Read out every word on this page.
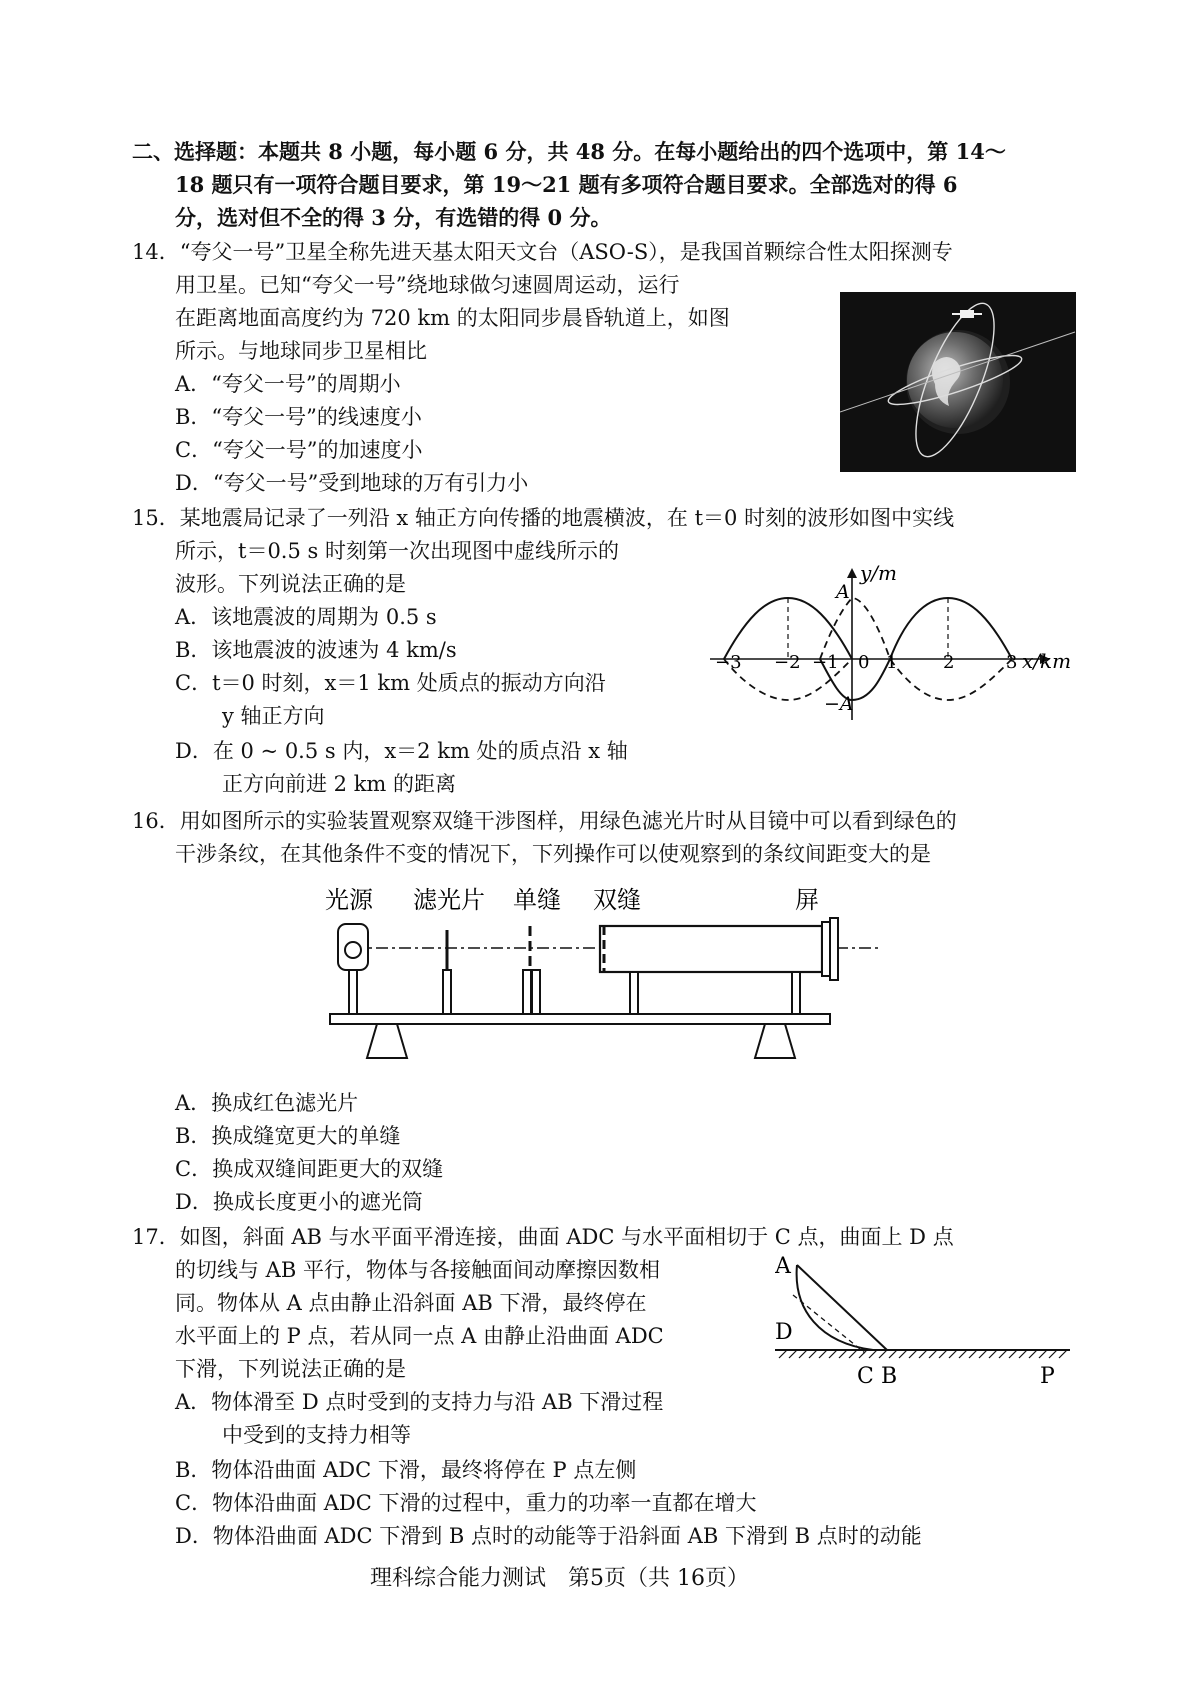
二、选择题：本题共 8 小题，每小题 6 分，共 48 分。在每小题给出的四个选项中，第 14～
18 题只有一项符合题目要求，第 19～21 题有多项符合题目要求。全部选对的得 6
分，选对但不全的得 3 分，有选错的得 0 分。
14．“夸父一号”卫星全称先进天基太阳天文台（ASO-S），是我国首颗综合性太阳探测专
用卫星。已知“夸父一号”绕地球做匀速圆周运动，运行
在距离地面高度约为 720 km 的太阳同步晨昏轨道上，如图
所示。与地球同步卫星相比
A．“夸父一号”的周期小
B．“夸父一号”的线速度小
C．“夸父一号”的加速度小
D．“夸父一号”受到地球的万有引力小
15．某地震局记录了一列沿 x 轴正方向传播的地震横波，在 t＝0 时刻的波形如图中实线
所示，t＝0.5 s 时刻第一次出现图中虚线所示的
波形。下列说法正确的是
A．该地震波的周期为 0.5 s
B．该地震波的波速为 4 km/s
C．t＝0 时刻，x＝1 km 处质点的振动方向沿
y 轴正方向
D．在 0 ~ 0.5 s 内，x＝2 km 处的质点沿 x 轴
正方向前进 2 km 的距离
y/m
A
−A
0
−3 −2 −1	1	2	3 x/km
16．用如图所示的实验装置观察双缝干涉图样，用绿色滤光片时从目镜中可以看到绿色的
干涉条纹，在其他条件不变的情况下，下列操作可以使观察到的条纹间距变大的是
光源 滤光片 单缝 双缝	屏
A．换成红色滤光片
B．换成缝宽更大的单缝
C．换成双缝间距更大的双缝
D．换成长度更小的遮光筒
17．如图，斜面 AB 与水平面平滑连接，曲面 ADC 与水平面相切于 C 点，曲面上 D 点
的切线与 AB 平行，物体与各接触面间动摩擦因数相
同。物体从 A 点由静止沿斜面 AB 下滑，最终停在
水平面上的 P 点，若从同一点 A 由静止沿曲面 ADC
下滑，下列说法正确的是
A．物体滑至 D 点时受到的支持力与沿 AB 下滑过程
中受到的支持力相等
B．物体沿曲面 ADC 下滑，最终将停在 P 点左侧
C．物体沿曲面 ADC 下滑的过程中，重力的功率一直都在增大
D．物体沿曲面 ADC 下滑到 B 点时的动能等于沿斜面 AB 下滑到 B 点时的动能
A
D
C B	P
理科综合能力测试　第5页（共 16页）
